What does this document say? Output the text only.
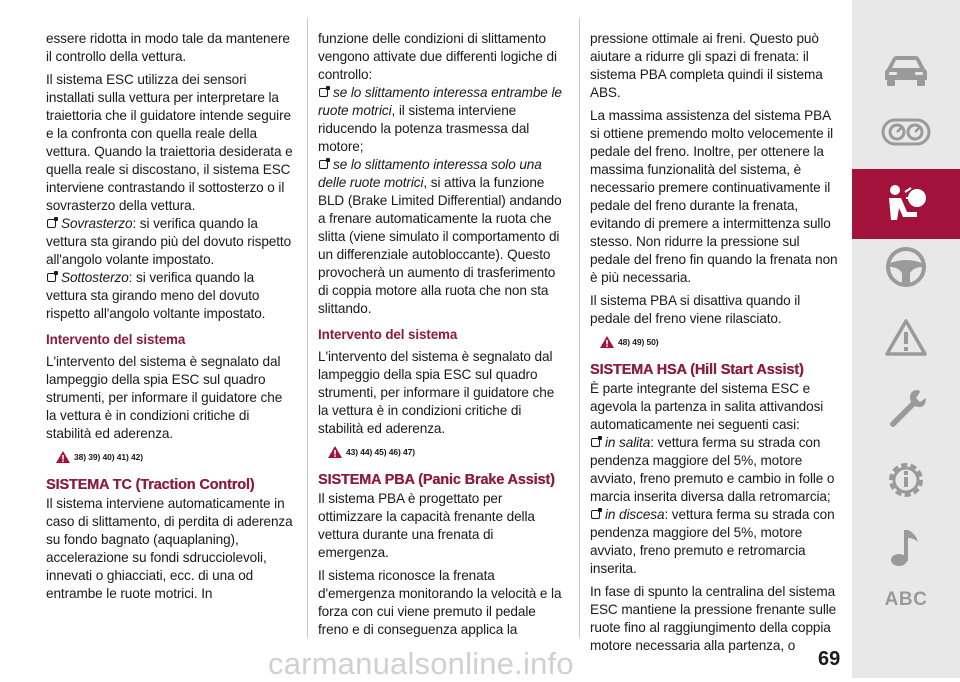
essere ridotta in modo tale da mantenere il controllo della vettura.

Il sistema ESC utilizza dei sensori installati sulla vettura per interpretare la traiettoria che il guidatore intende seguire e la confronta con quella reale della vettura. Quando la traiettoria desiderata e quella reale si discostano, il sistema ESC interviene contrastando il sottosterzo o il sovrasterzo della vettura.

Sovrasterzo: si verifica quando la vettura sta girando più del dovuto rispetto all'angolo volante impostato.
Sottosterzo: si verifica quando la vettura sta girando meno del dovuto rispetto all'angolo voltante impostato.
Intervento del sistema

L'intervento del sistema è segnalato dal lampeggio della spia ESC sul quadro strumenti, per informare il guidatore che la vettura è in condizioni critiche di stabilità ed aderenza.

38) 39) 40) 41) 42)
SISTEMA TC (Traction Control)

Il sistema interviene automaticamente in caso di slittamento, di perdita di aderenza su fondo bagnato (aquaplaning), accelerazione su fondi sdrucciolevoli, innevati o ghiacciati, ecc. di una od entrambe le ruote motrici. In

funzione delle condizioni di slittamento vengono attivate due differenti logiche di controllo:

se lo slittamento interessa entrambe le ruote motrici, il sistema interviene riducendo la potenza trasmessa dal motore;
se lo slittamento interessa solo una delle ruote motrici, si attiva la funzione BLD (Brake Limited Differential) andando a frenare automaticamente la ruota che slitta (viene simulato il comportamento di un differenziale autobloccante). Questo provocherà un aumento di trasferimento di coppia motore alla ruota che non sta slittando.
Intervento del sistema

L'intervento del sistema è segnalato dal lampeggio della spia ESC sul quadro strumenti, per informare il guidatore che la vettura è in condizioni critiche di stabilità ed aderenza.

43) 44) 45) 46) 47)
SISTEMA PBA (Panic Brake Assist)

Il sistema PBA è progettato per ottimizzare la capacità frenante della vettura durante una frenata di emergenza.

Il sistema riconosce la frenata d'emergenza monitorando la velocità e la forza con cui viene premuto il pedale freno e di conseguenza applica la

pressione ottimale ai freni. Questo può aiutare a ridurre gli spazi di frenata: il sistema PBA completa quindi il sistema ABS.

La massima assistenza del sistema PBA si ottiene premendo molto velocemente il pedale del freno. Inoltre, per ottenere la massima funzionalità del sistema, è necessario premere continuativamente il pedale del freno durante la frenata, evitando di premere a intermittenza sullo stesso. Non ridurre la pressione sul pedale del freno fin quando la frenata non è più necessaria.

Il sistema PBA si disattiva quando il pedale del freno viene rilasciato.

48) 49) 50)
SISTEMA HSA (Hill Start Assist)

È parte integrante del sistema ESC e agevola la partenza in salita attivandosi automaticamente nei seguenti casi:

in salita: vettura ferma su strada con pendenza maggiore del 5%, motore avviato, freno premuto e cambio in folle o marcia inserita diversa dalla retromarcia;
in discesa: vettura ferma su strada con pendenza maggiore del 5%, motore avviato, freno premuto e retromarcia inserita.

In fase di spunto la centralina del sistema ESC mantiene la pressione frenante sulle ruote fino al raggiungimento della coppia motore necessaria alla partenza, o

ABC
carmanualsonline.info	69
